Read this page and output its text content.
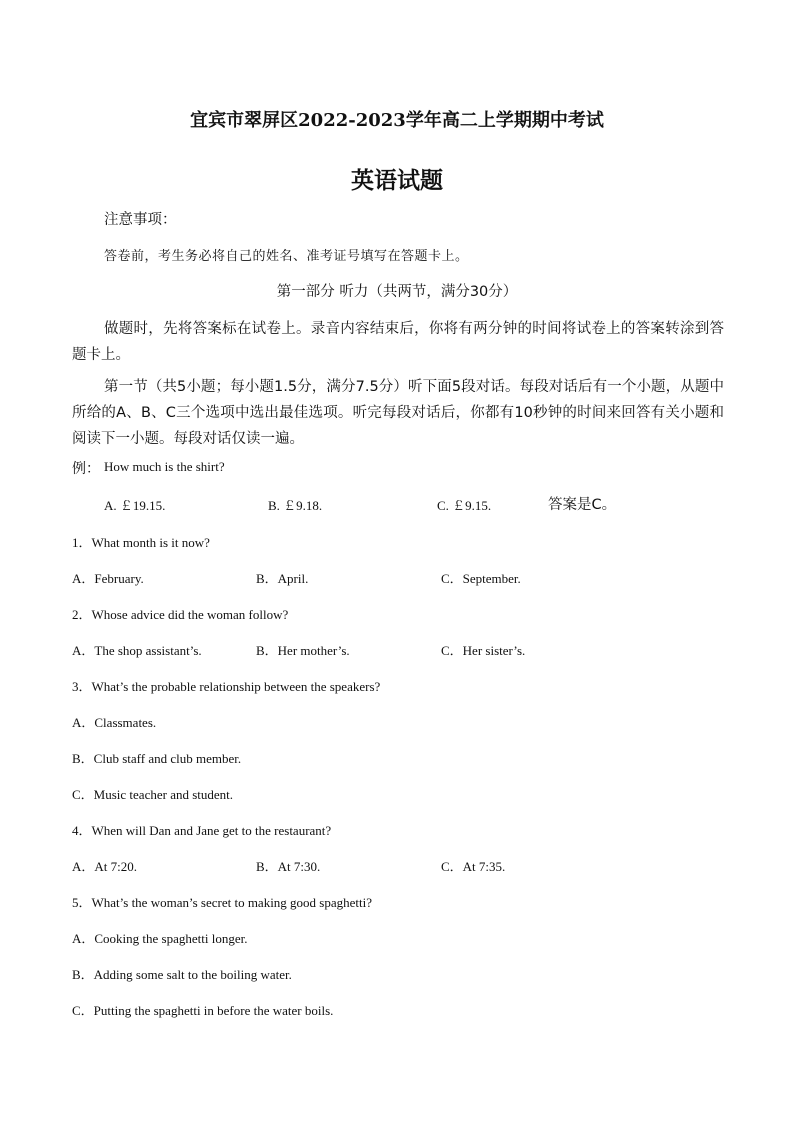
宜宾市翠屏区2022-2023学年高二上学期期中考试
英语试题
注意事项：
答卷前，考生务必将自己的姓名、准考证号填写在答题卡上。
第一部分 听力（共两节，满分30分）
做题时，先将答案标在试卷上。录音内容结束后，你将有两分钟的时间将试卷上的答案转涂到答题卡上。
第一节（共5小题；每小题1.5分，满分7.5分）听下面5段对话。每段对话后有一个小题，从题中所给的A、B、C三个选项中选出最佳选项。听完每段对话后，你都有10秒钟的时间来回答有关小题和阅读下一小题。每段对话仅读一遍。
例： How much is the shirt?
A. ￡19.15.	B. ￡9.18.	C. ￡9.15.	答案是C。
1．What month is it now?
A．February.	B．April.	C．September.
2．Whose advice did the woman follow?
A．The shop assistant’s.	B．Her mother’s.	C．Her sister’s.
3．What’s the probable relationship between the speakers?
A．Classmates.
B．Club staff and club member.
C．Music teacher and student.
4．When will Dan and Jane get to the restaurant?
A．At 7:20.	B．At 7:30.	C．At 7:35.
5．What’s the woman’s secret to making good spaghetti?
A．Cooking the spaghetti longer.
B．Adding some salt to the boiling water.
C．Putting the spaghetti in before the water boils.
